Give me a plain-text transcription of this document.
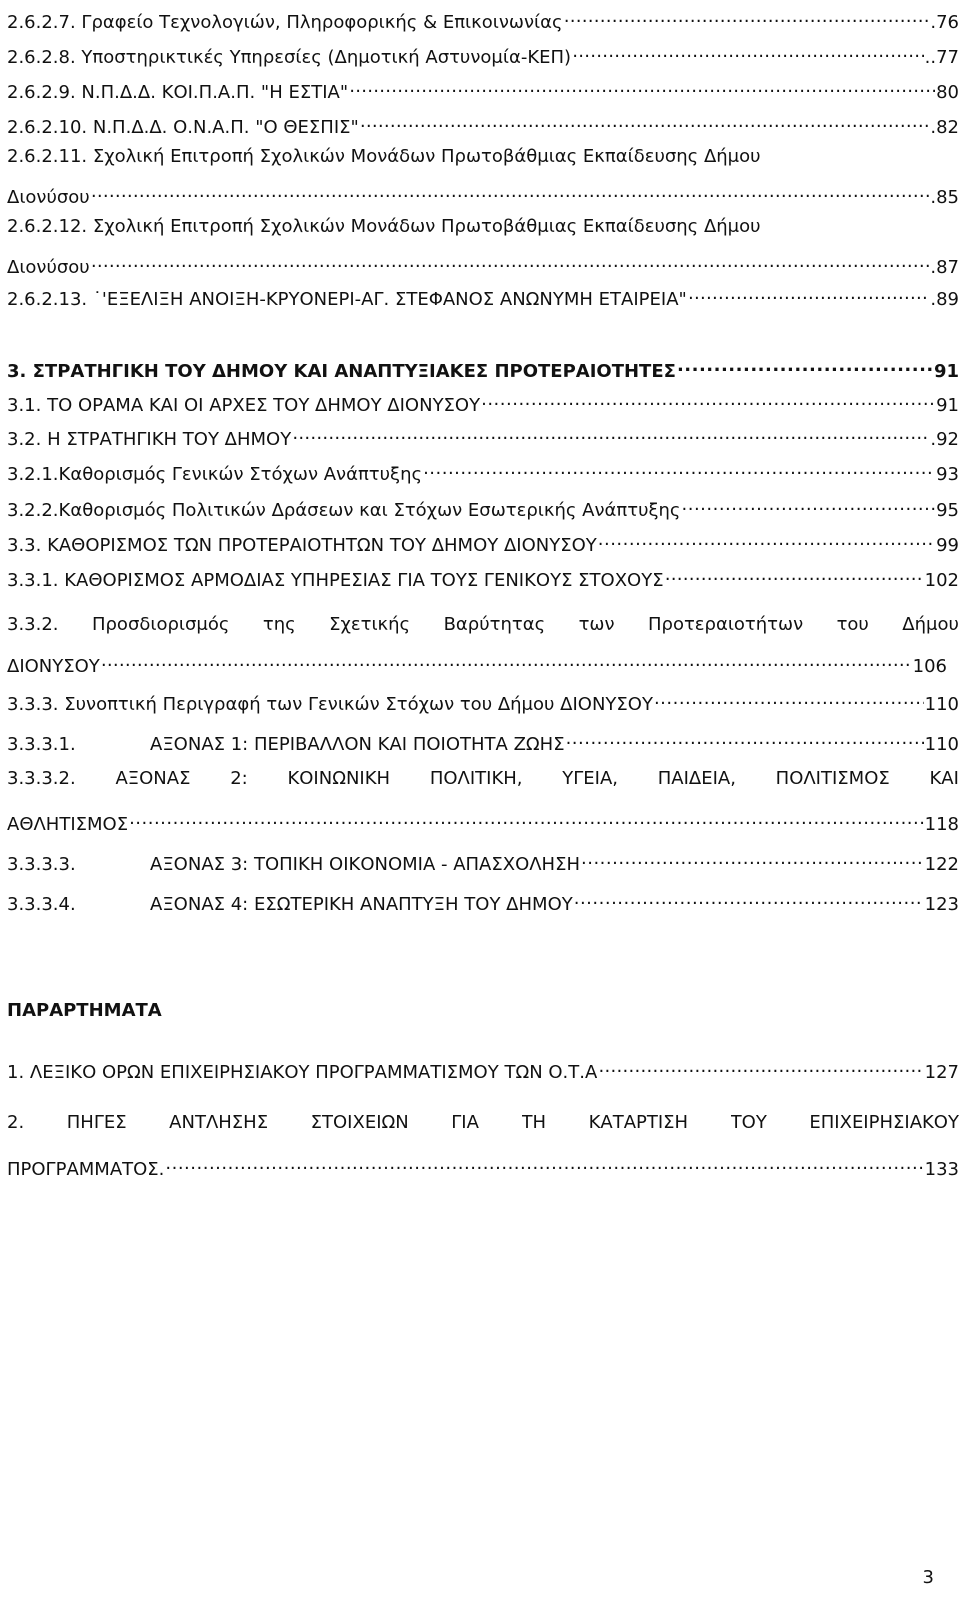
2.6.2.7. Γραφείο Τεχνολογιών, Πληροφορικής & Επικοινωνίας ……………………………………………………………………………………………………………………………………………………………………………………………………	.76
2.6.2.8. Υποστηρικτικές Υπηρεσίες (Δημοτική Αστυνομία-ΚΕΠ) ……………………………………………………………………………………………………………………………………………………………………………………………………	..77
2.6.2.9. Ν.Π.Δ.Δ. ΚΟΙ.Π.Α.Π. "Η ΕΣΤΙΑ" ……………………………………………………………………………………………………………………………………………………………………………………………………	80
2.6.2.10. Ν.Π.Δ.Δ. Ο.Ν.Α.Π. "Ο ΘΕΣΠΙΣ" ……………………………………………………………………………………………………………………………………………………………………………………………………	.82
2.6.2.11. Σχολική Επιτροπή Σχολικών Μονάδων Πρωτοβάθμιας Εκπαίδευσης Δήμου
Διονύσου ……………………………………………………………………………………………………………………………………………………………………………………………………	.85
2.6.2.12. Σχολική Επιτροπή Σχολικών Μονάδων Πρωτοβάθμιας Εκπαίδευσης Δήμου
Διονύσου ……………………………………………………………………………………………………………………………………………………………………………………………………	.87
2.6.2.13. ˙'ΕΞΕΛΙΞΗ ΑΝΟΙΞΗ-ΚΡΥΟΝΕΡΙ-ΑΓ. ΣΤΕΦΑΝΟΣ ΑΝΩΝΥΜΗ ΕΤΑΙΡΕΙΑ" ……………………………………………………………………………………………………………………………………………………………………………………………………	.89
3. ΣΤΡΑΤΗΓΙΚΗ ΤΟΥ ΔΗΜΟΥ ΚΑΙ ΑΝΑΠΤΥΞΙΑΚΕΣ ΠΡΟΤΕΡΑΙΟΤΗΤΕΣ .....	91
3.1. ΤΟ ΟΡΑΜΑ ΚΑΙ ΟΙ ΑΡΧΕΣ ΤΟΥ ΔΗΜΟΥ ΔΙΟΝΥΣΟΥ .....	91
3.2. Η ΣΤΡΑΤΗΓΙΚΗ ΤΟΥ ΔΗΜΟΥ ……………………………………………………………………………………………………………………………………………………………………………………………………	.92
3.2.1.Καθορισμός Γενικών Στόχων Ανάπτυξης .....	93
3.2.2.Καθορισμός Πολιτικών Δράσεων και Στόχων Εσωτερικής Ανάπτυξης .....	95
3.3. ΚΑΘΟΡΙΣΜΟΣ ΤΩΝ ΠΡΟΤΕΡΑΙΟΤΗΤΩΝ ΤΟΥ ΔΗΜΟΥ ΔΙΟΝΥΣΟΥ .....	99
3.3.1. ΚΑΘΟΡΙΣΜΟΣ ΑΡΜΟΔΙΑΣ ΥΠΗΡΕΣΙΑΣ ΓΙΑ ΤΟΥΣ ΓΕΝΙΚΟΥΣ ΣΤΟΧΟΥΣ ……………………………………………………………………………………………………………………………………………………………………………………………………	102
3.3.2. Προσδιορισμός της Σχετικής Βαρύτητας των Προτεραιοτήτων του Δήμου
ΔΙΟΝΥΣΟΥ ……………………………………………………………………………………………………………………………………………………………………………………………………	106
3.3.3. Συνοπτική Περιγραφή των Γενικών Στόχων του Δήμου ΔΙΟΝΥΣΟΥ .....	110
3.3.3.1.	ΑΞΟΝΑΣ 1: ΠΕΡΙΒΑΛΛΟΝ ΚΑΙ ΠΟΙΟΤΗΤΑ ΖΩΗΣ .....	110
3.3.3.2. ΑΞΟΝΑΣ 2: ΚΟΙΝΩΝΙΚΗ ΠΟΛΙΤΙΚΗ, ΥΓΕΙΑ, ΠΑΙΔΕΙΑ, ΠΟΛΙΤΙΣΜΟΣ ΚΑΙ
ΑΘΛΗΤΙΣΜΟΣ .....	118
3.3.3.3.	ΑΞΟΝΑΣ 3: ΤΟΠΙΚΗ ΟΙΚΟΝΟΜΙΑ - ΑΠΑΣΧΟΛΗΣΗ .....	122
3.3.3.4.	ΑΞΟΝΑΣ 4: ΕΣΩΤΕΡΙΚΗ ΑΝΑΠΤΥΞΗ ΤΟΥ ΔΗΜΟΥ .....	123
ΠΑΡΑΡΤΗΜΑΤΑ
1. ΛΕΞΙΚΟ ΟΡΩΝ ΕΠΙΧΕΙΡΗΣΙΑΚΟΥ ΠΡΟΓΡΑΜΜΑΤΙΣΜΟΥ ΤΩΝ Ο.Τ.Α ……………………………………………………………………………………………………………………………………………………………………………………………………	127
2. ΠΗΓΕΣ ΑΝΤΛΗΣΗΣ ΣΤΟΙΧΕΙΩΝ ΓΙΑ ΤΗ ΚΑΤΑΡΤΙΣΗ ΤΟΥ ΕΠΙΧΕΙΡΗΣΙΑΚΟΥ
ΠΡΟΓΡΑΜΜΑΤΟΣ. .....	133
3
